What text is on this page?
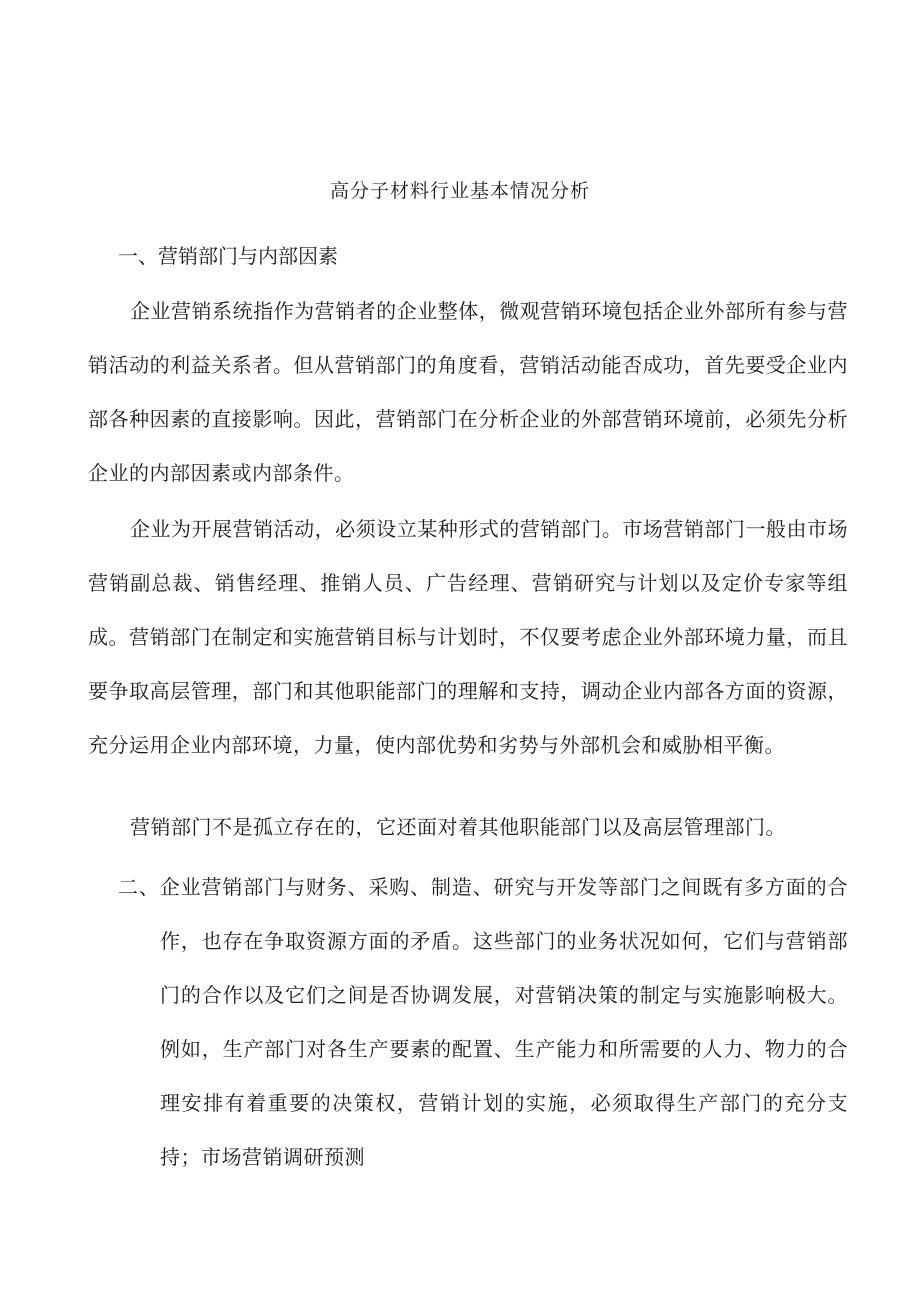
高分子材料行业基本情况分析
一、营销部门与内部因素

企业营销系统指作为营销者的企业整体，微观营销环境包括企业外部所有参与营销活动的利益关系者。但从营销部门的角度看，营销活动能否成功，首先要受企业内部各种因素的直接影响。因此，营销部门在分析企业的外部营销环境前，必须先分析企业的内部因素或内部条件。

企业为开展营销活动，必须设立某种形式的营销部门。市场营销部门一般由市场营销副总裁、销售经理、推销人员、广告经理、营销研究与计划以及定价专家等组成。营销部门在制定和实施营销目标与计划时，不仅要考虑企业外部环境力量，而且要争取高层管理，部门和其他职能部门的理解和支持，调动企业内部各方面的资源，充分运用企业内部环境，力量，使内部优势和劣势与外部机会和威胁相平衡。

营销部门不是孤立存在的，它还面对着其他职能部门以及高层管理部门。

二、企业营销部门与财务、采购、制造、研究与开发等部门之间既有多方面的合作，也存在争取资源方面的矛盾。这些部门的业务状况如何，它们与营销部门的合作以及它们之间是否协调发展，对营销决策的制定与实施影响极大。例如，生产部门对各生产要素的配置、生产能力和所需要的人力、物力的合理安排有着重要的决策权，营销计划的实施，必须取得生产部门的充分支持；市场营销调研预测
